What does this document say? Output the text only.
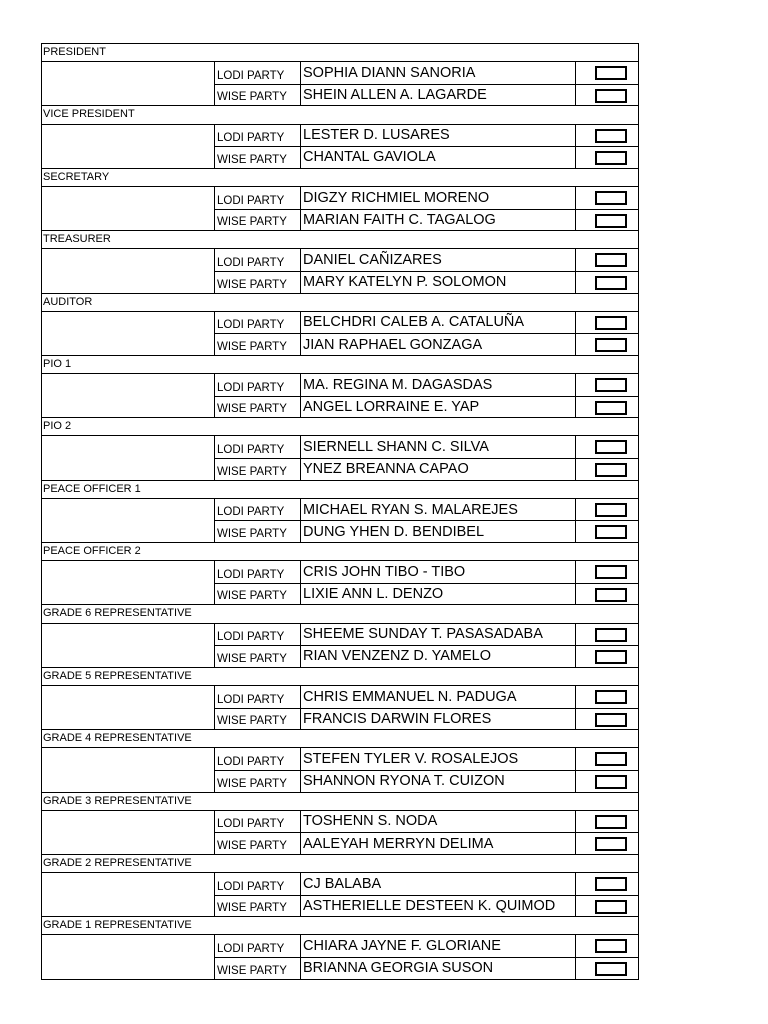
PRESIDENT
LODI PARTY	SOPHIA DIANN SANORIA
WISE PARTY	SHEIN ALLEN A. LAGARDE
VICE PRESIDENT
LODI PARTY	LESTER D. LUSARES
WISE PARTY	CHANTAL GAVIOLA
SECRETARY
LODI PARTY	DIGZY RICHMIEL MORENO
WISE PARTY	MARIAN FAITH C. TAGALOG
TREASURER
LODI PARTY	DANIEL CAÑIZARES
WISE PARTY	MARY KATELYN P. SOLOMON
AUDITOR
LODI PARTY	BELCHDRI CALEB A. CATALUÑA
WISE PARTY	JIAN RAPHAEL GONZAGA
PIO 1
LODI PARTY	MA. REGINA M. DAGASDAS
WISE PARTY	ANGEL LORRAINE E. YAP
PIO 2
LODI PARTY	SIERNELL SHANN C. SILVA
WISE PARTY	YNEZ BREANNA CAPAO
PEACE OFFICER 1
LODI PARTY	MICHAEL RYAN S. MALAREJES
WISE PARTY	DUNG YHEN D. BENDIBEL
PEACE OFFICER 2
LODI PARTY	CRIS JOHN TIBO - TIBO
WISE PARTY	LIXIE ANN L. DENZO
GRADE 6 REPRESENTATIVE
LODI PARTY	SHEEME SUNDAY T. PASASADABA
WISE PARTY	RIAN VENZENZ D. YAMELO
GRADE 5 REPRESENTATIVE
LODI PARTY	CHRIS EMMANUEL N. PADUGA
WISE PARTY	FRANCIS DARWIN FLORES
GRADE 4 REPRESENTATIVE
LODI PARTY	STEFEN TYLER V. ROSALEJOS
WISE PARTY	SHANNON RYONA T. CUIZON
GRADE 3 REPRESENTATIVE
LODI PARTY	TOSHENN S. NODA
WISE PARTY	AALEYAH MERRYN DELIMA
GRADE 2 REPRESENTATIVE
LODI PARTY	CJ BALABA
WISE PARTY	ASTHERIELLE DESTEEN K. QUIMOD
GRADE 1 REPRESENTATIVE
LODI PARTY	CHIARA JAYNE F. GLORIANE
WISE PARTY	BRIANNA GEORGIA SUSON
